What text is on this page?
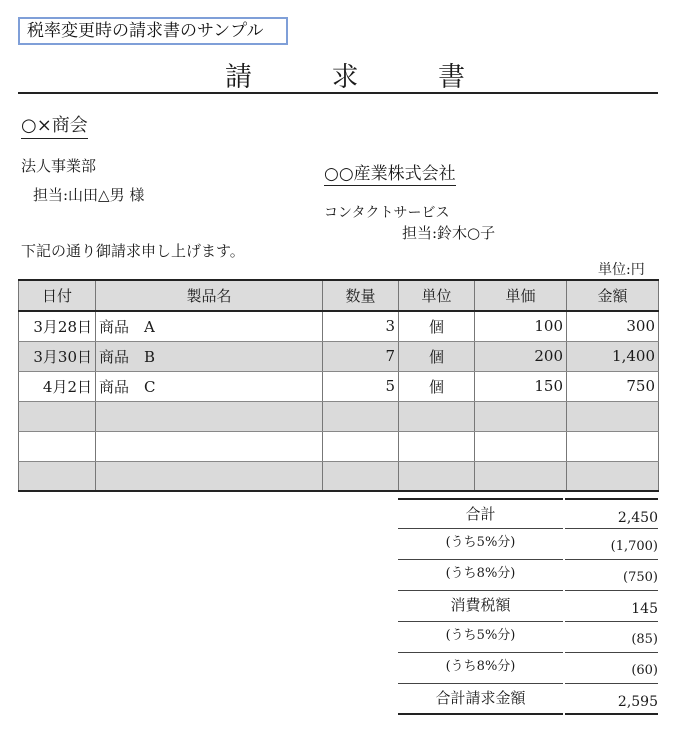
税率変更時の請求書のサンプル
請	求	書
○×商会
法人事業部
担当:山田△男 様
○○産業株式会社
コンタクトサービス
担当:鈴木○子
下記の通り御請求申し上げます。
単位:円
日付	製品名	数量	単位	単価	金額
3月28日	商品　A	3	個	100	300
3月30日	商品　B	7	個	200	1,400
4月2日	商品　C	5	個	150	750

合計	2,450
(うち5%分)	(1,700)
(うち8%分)	(750)
消費税額	145
(うち5%分)	(85)
(うち8%分)	(60)
合計請求金額	2,595
